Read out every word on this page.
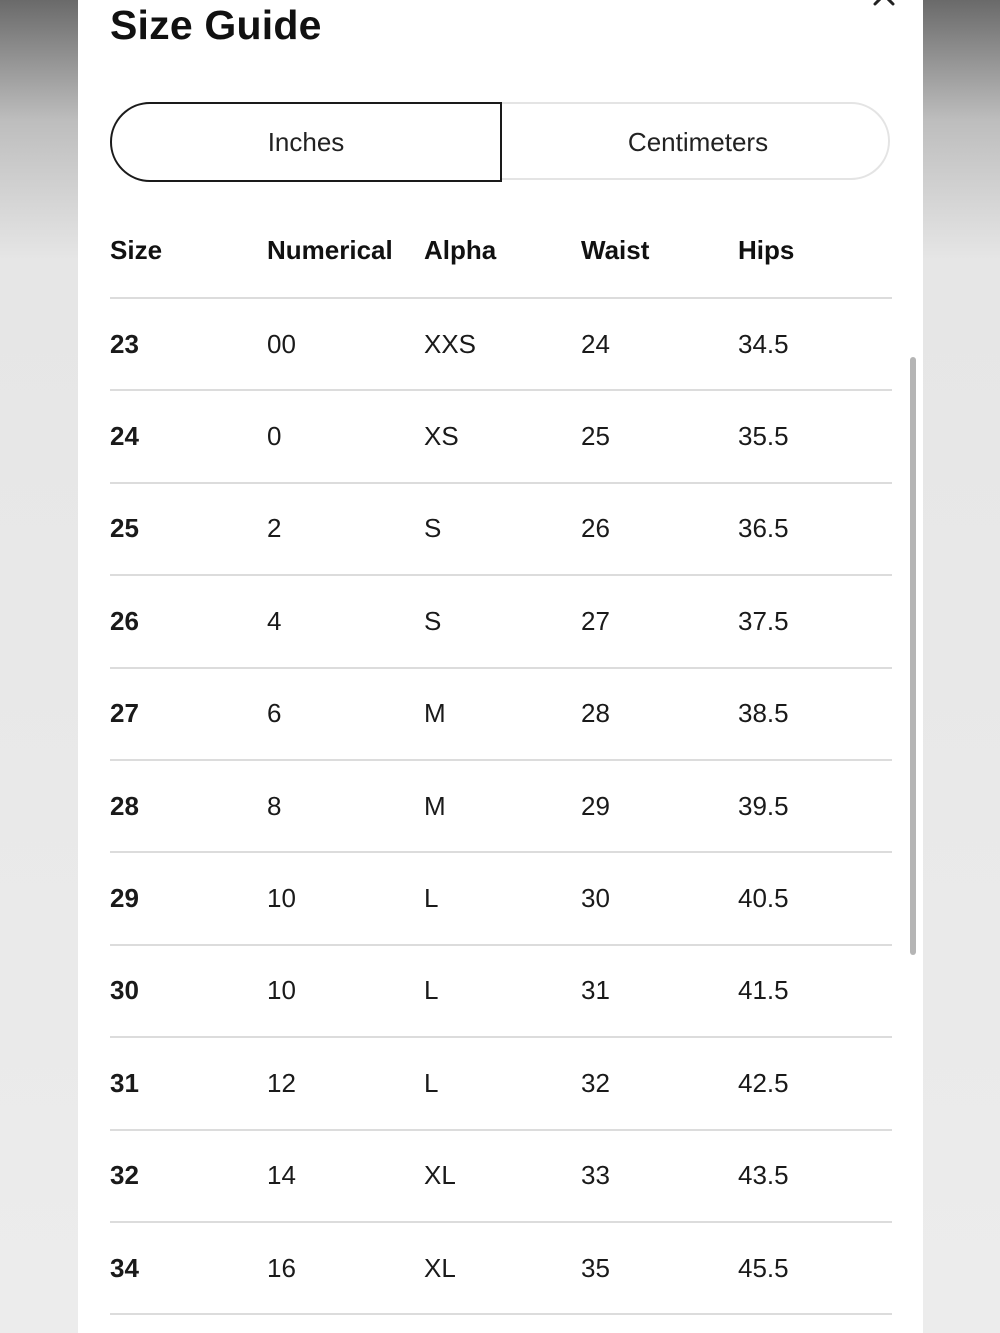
Size Guide
Inches	Centimeters
Size	Numerical	Alpha	Waist	Hips
23	00	XXS	24	34.5
24	0	XS	25	35.5
25	2	S	26	36.5
26	4	S	27	37.5
27	6	M	28	38.5
28	8	M	29	39.5
29	10	L	30	40.5
30	10	L	31	41.5
31	12	L	32	42.5
32	14	XL	33	43.5
34	16	XL	35	45.5
